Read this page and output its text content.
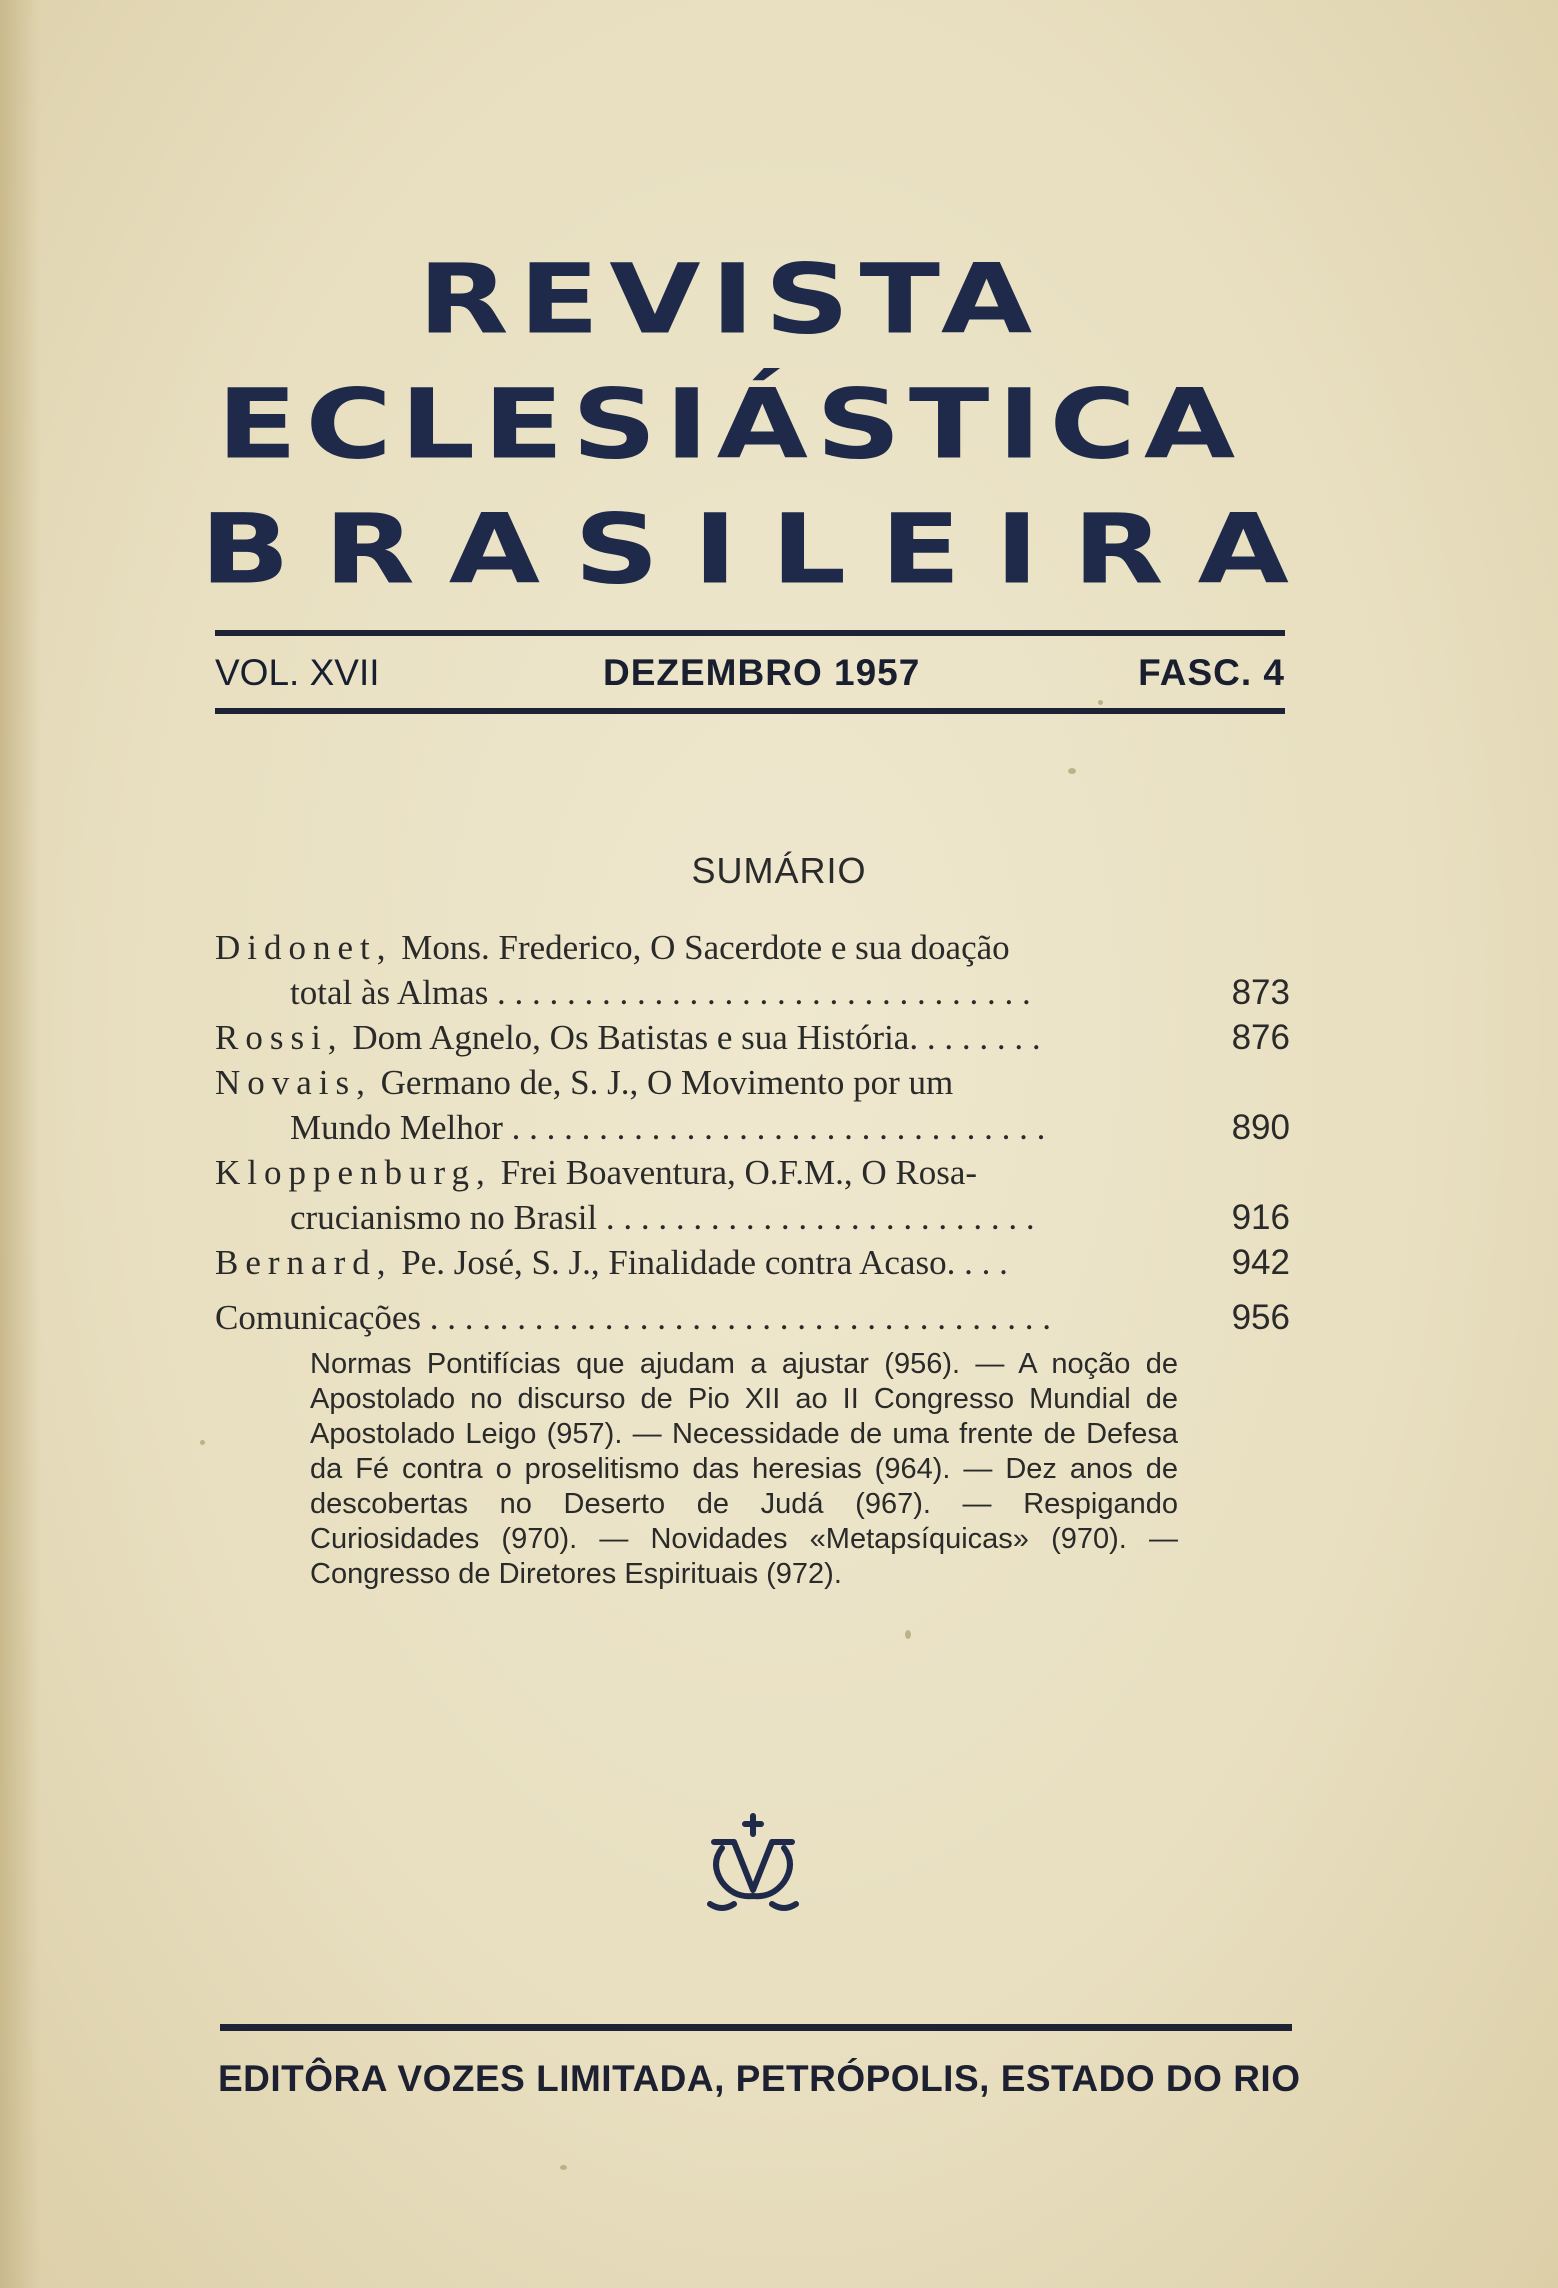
REVISTA
ECLESIÁSTICA
BRASILEIRA
VOL. XVII	DEZEMBRO 1957	FASC. 4
SUMÁRIO
Didonet, Mons. Frederico, O Sacerdote e sua doação
total às Almas . . . . . . . . . . . . . . . . . . . . . . . . . . . . . . .	873
Rossi, Dom Agnelo, Os Batistas e sua História. . . . . . . .	876
Novais, Germano de, S. J., O Movimento por um
Mundo Melhor . . . . . . . . . . . . . . . . . . . . . . . . . . . . . . .	890
Kloppenburg, Frei Boaventura, O.F.M., O Rosa-
crucianismo no Brasil . . . . . . . . . . . . . . . . . . . . . . . . .	916
Bernard, Pe. José, S. J., Finalidade contra Acaso. . . .	942
Comunicações . . . . . . . . . . . . . . . . . . . . . . . . . . . . . . . . . . . .	956
Normas Pontifícias que ajudam a ajustar (956). — A noção de Apostolado no discurso de Pio XII ao II Congresso Mundial de Apostolado Leigo (957). — Necessidade de uma frente de Defesa da Fé contra o proselitismo das heresias (964). — Dez anos de descobertas no Deserto de Judá (967). — Respigando Curiosidades (970). — Novidades «Metapsíquicas» (970). — Congresso de Diretores Espirituais (972).
EDITÔRA VOZES LIMITADA, PETRÓPOLIS, ESTADO DO RIO
